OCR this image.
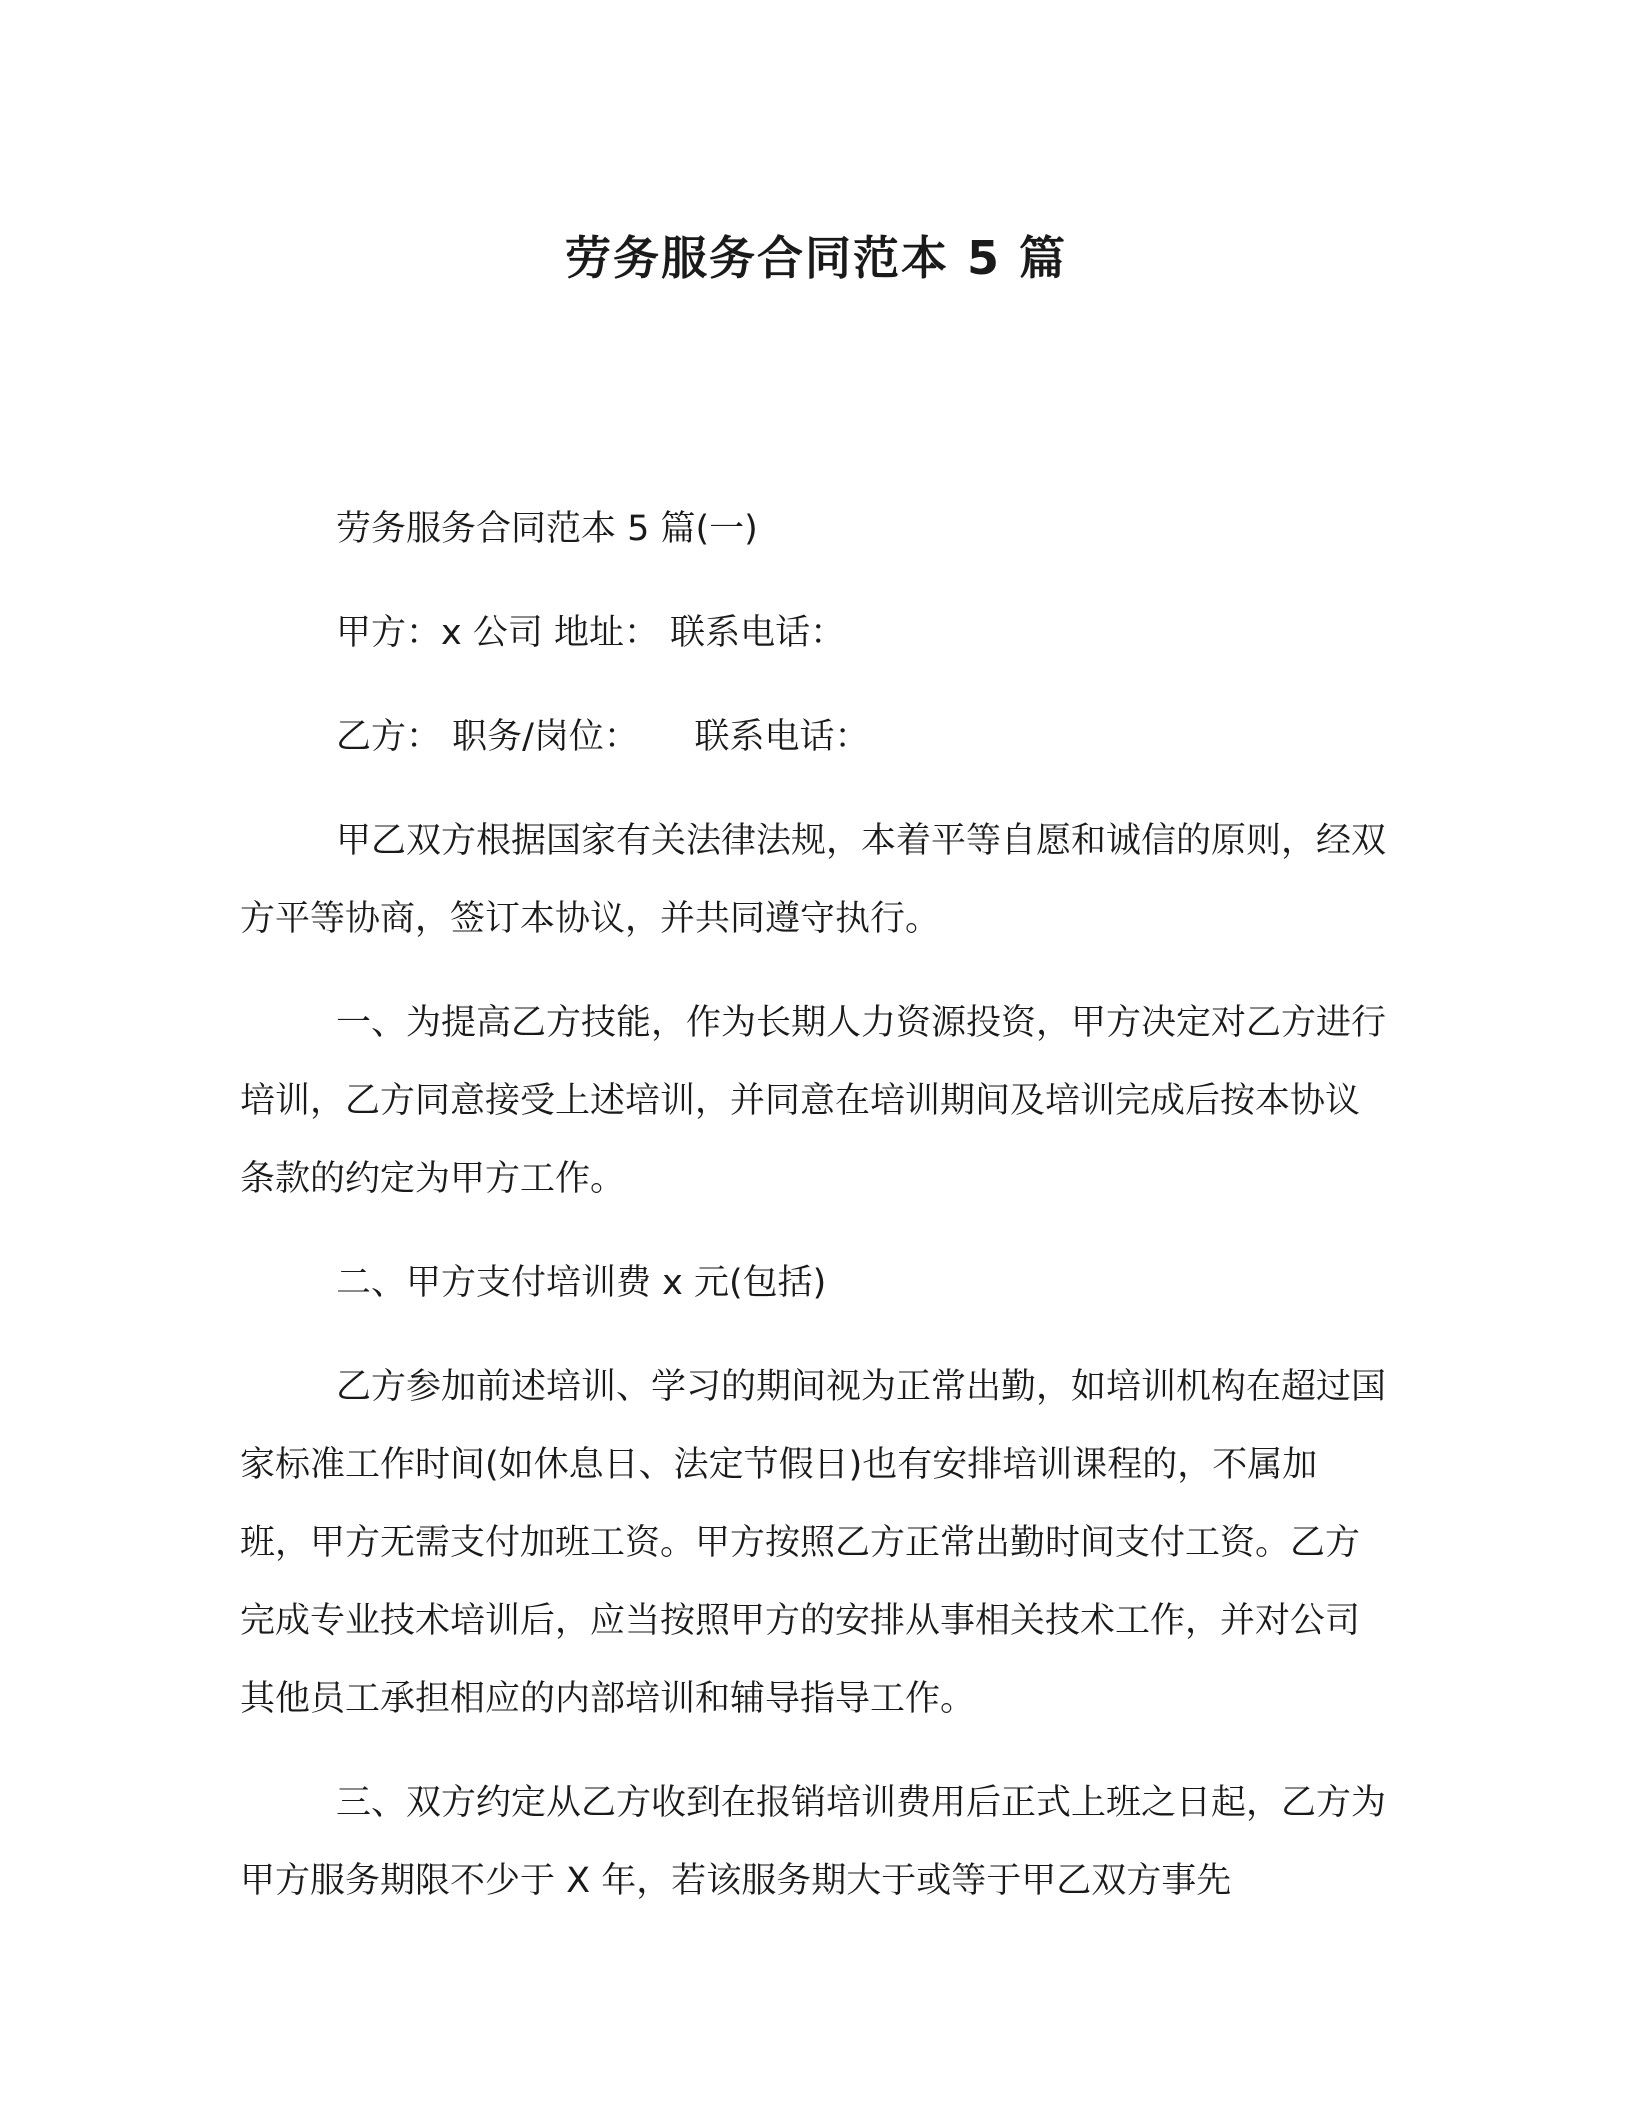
劳务服务合同范本 5 篇

劳务服务合同范本 5 篇(一)

甲方：x 公司 地址： 联系电话：

乙方： 职务/岗位：     联系电话：

甲乙双方根据国家有关法律法规，本着平等自愿和诚信的原则，经双方平等协商，签订本协议，并共同遵守执行。

一、为提高乙方技能，作为长期人力资源投资，甲方决定对乙方进行培训，乙方同意接受上述培训，并同意在培训期间及培训完成后按本协议条款的约定为甲方工作。

二、甲方支付培训费 x 元(包括)

乙方参加前述培训、学习的期间视为正常出勤，如培训机构在超过国家标准工作时间(如休息日、法定节假日)也有安排培训课程的，不属加班，甲方无需支付加班工资。甲方按照乙方正常出勤时间支付工资。乙方完成专业技术培训后，应当按照甲方的安排从事相关技术工作，并对公司其他员工承担相应的内部培训和辅导指导工作。

三、双方约定从乙方收到在报销培训费用后正式上班之日起，乙方为甲方服务期限不少于 X 年，若该服务期大于或等于甲乙双方事先
